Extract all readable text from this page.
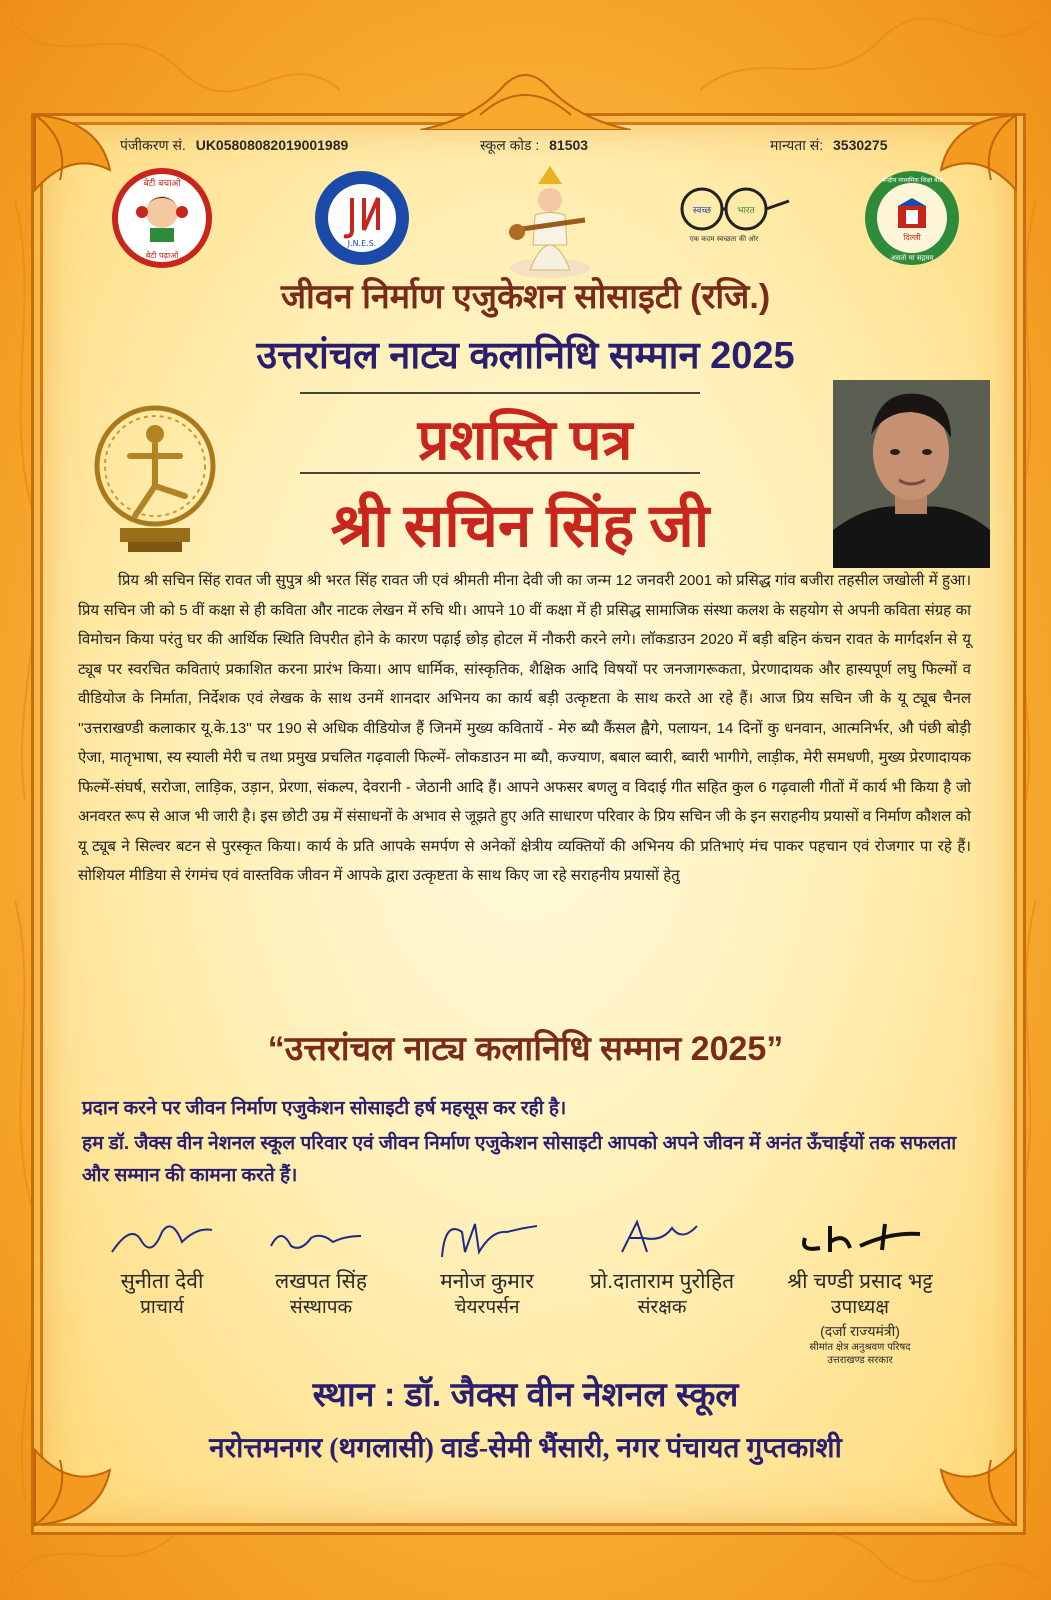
पंजीकरण सं. UK0580808201900198​9	स्कूल कोड : 81503	मान्यता सं: 3530275
बेटी बचाओ
बेटी पढ़ाओ
J.N.E.S.
स्वच्छ	भारत
एक कदम स्वच्छता की ओर
केन्द्रीय माध्यमिक शिक्षा बोर्ड
दिल्ली
असतो मा सद्गमय
जीवन निर्माण एजुकेशन सोसाइटी (रजि.)
उत्तरांचल नाट्य कलानिधि सम्मान 2025
प्रशस्ति पत्र
श्री सचिन सिंह जी
प्रिय श्री सचिन सिंह रावत जी सुपुत्र श्री भरत सिंह रावत जी एवं श्रीमती मीना देवी जी का जन्म 12 जनवरी 2001 को प्रसिद्ध गांव बजीरा तहसील जखोली में हुआ। प्रिय सचिन जी को 5 वीं कक्षा से ही कविता और नाटक लेखन में रुचि थी। आपने 10 वीं कक्षा में ही प्रसिद्ध सामाजिक संस्था कलश के सहयोग से अपनी कविता संग्रह का विमोचन किया परंतु घर की आर्थिक स्थिति विपरीत होने के कारण पढ़ाई छोड़ होटल में नौकरी करने लगे। लॉकडाउन 2020 में बड़ी बहिन कंचन रावत के मार्गदर्शन से यू ट्यूब पर स्वरचित कविताएं प्रकाशित करना प्रारंभ किया। आप धार्मिक, सांस्कृतिक, शैक्षिक आदि विषयों पर जनजागरूकता, प्रेरणादायक और हास्यपूर्ण लघु फिल्मों व वीडियोज के निर्माता, निर्देशक एवं लेखक के साथ उनमें शानदार अभिनय का कार्य बड़ी उत्कृष्टता के साथ करते आ रहे हैं। आज प्रिय सचिन जी के यू ट्यूब चैनल ''उत्तराखण्डी कलाकार यू.के.13'' पर 190 से अधिक वीडियोज हैं जिनमें मुख्य कवितायें - मेरु ब्यौ कैंसल ह्वैगे, पलायन, 14 दिनों कु धनवान, आत्मनिर्भर, औ पंछी बोड़ी ऐजा, मातृभाषा, स्य स्याली मेरी च तथा प्रमुख प्रचलित गढ़वाली फिल्में- लोकडाउन मा ब्यौ, कज्याण, बबाल ब्वारी, ब्वारी भागीगे, लाड़ीक, मेरी समधणी, मुख्य प्रेरणादायक फिल्में-संघर्ष, सरोजा, लाड़िक, उड़ान, प्रेरणा, संकल्प, देवरानी - जेठानी आदि हैं। आपने अफसर बणलु व विदाई गीत सहित कुल 6 गढ़वाली गीतों में कार्य भी किया है जो अनवरत रूप से आज भी जारी है। इस छोटी उम्र में संसाधनों के अभाव से जूझते हुए अति साधारण परिवार के प्रिय सचिन जी के इन सराहनीय प्रयासों व निर्माण कौशल को यू ट्यूब ने सिल्वर बटन से पुरस्कृत किया। कार्य के प्रति आपके समर्पण से अनेकों क्षेत्रीय व्यक्तियों की अभिनय की प्रतिभाएं मंच पाकर पहचान एवं रोजगार पा रहे हैं। सोशियल मीडिया से रंगमंच एवं वास्तविक जीवन में आपके द्वारा उत्कृष्टता के साथ किए जा रहे सराहनीय प्रयासों हेतु
“उत्तरांचल नाट्य कलानिधि सम्मान 2025”
प्रदान करने पर जीवन निर्माण एजुकेशन सोसाइटी हर्ष महसूस कर रही है।
हम डॉ. जैक्स वीन नेशनल स्कूल परिवार एवं जीवन निर्माण एजुकेशन सोसाइटी आपको अपने जीवन में अनंत ऊँचाईयों तक सफलता और सम्मान की कामना करते हैं।
सुनीता देवी
प्राचार्य
लखपत सिंह
संस्थापक
मनोज कुमार
चेयरपर्सन
प्रो.दाताराम पुरोहित
संरक्षक
श्री चण्डी प्रसाद भट्ट
उपाध्यक्ष
(दर्जा राज्यमंत्री)
सीमांत क्षेत्र अनुश्रवण परिषद
उत्तराखण्ड सरकार
स्थान : डॉ. जैक्स वीन नेशनल स्कूल
नरोत्तमनगर (थगलासी) वार्ड-सेमी भैंसारी, नगर पंचायत गुप्तकाशी
